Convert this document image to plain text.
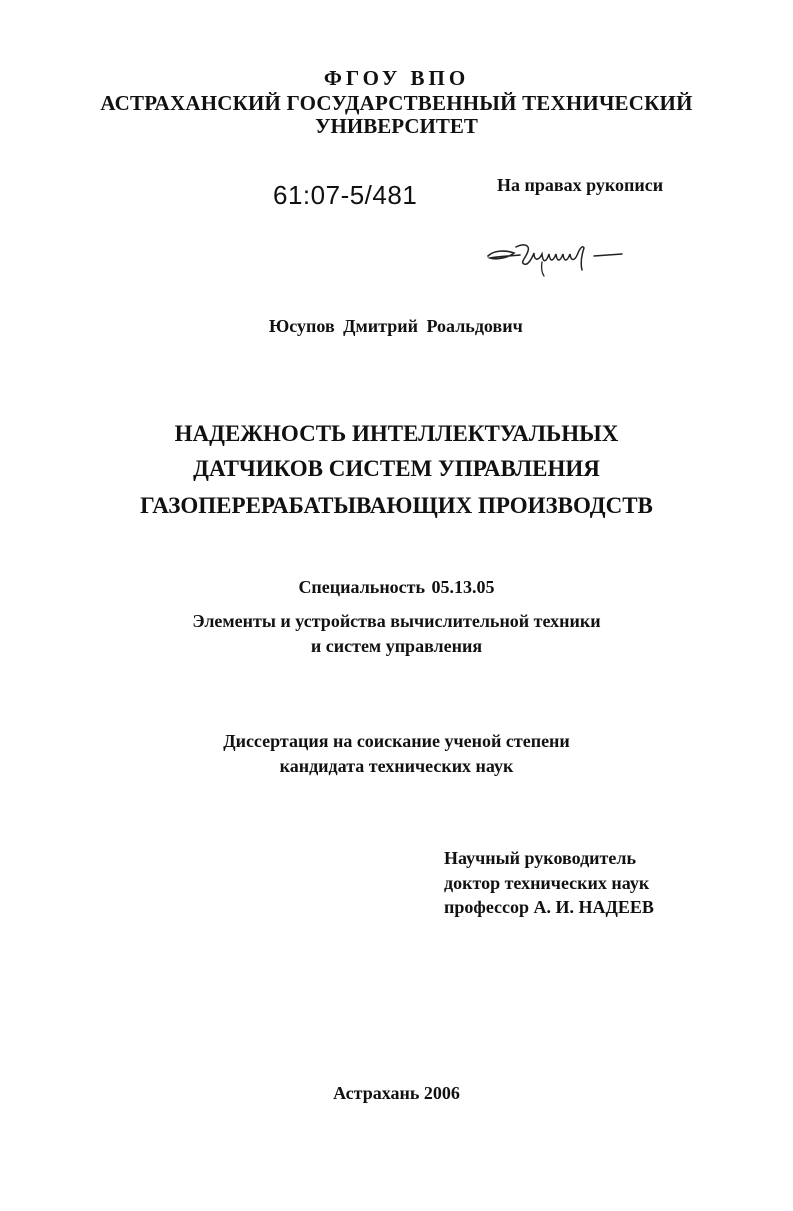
ФГОУ ВПО
АСТРАХАНСКИЙ ГОСУДАРСТВЕННЫЙ ТЕХНИЧЕСКИЙ
УНИВЕРСИТЕТ
61:07-5/481	На правах рукописи
Юсупов Дмитрий Роальдович
НАДЕЖНОСТЬ ИНТЕЛЛЕКТУАЛЬНЫХ
ДАТЧИКОВ СИСТЕМ УПРАВЛЕНИЯ
ГАЗОПЕРЕРАБАТЫВАЮЩИХ ПРОИЗВОДСТВ
Специальность 05.13.05
Элементы и устройства вычислительной техники
и систем управления
Диссертация на соискание ученой степени
кандидата технических наук
Научный руководитель
доктор технических наук
профессор А. И. НАДЕЕВ
Астрахань 2006
